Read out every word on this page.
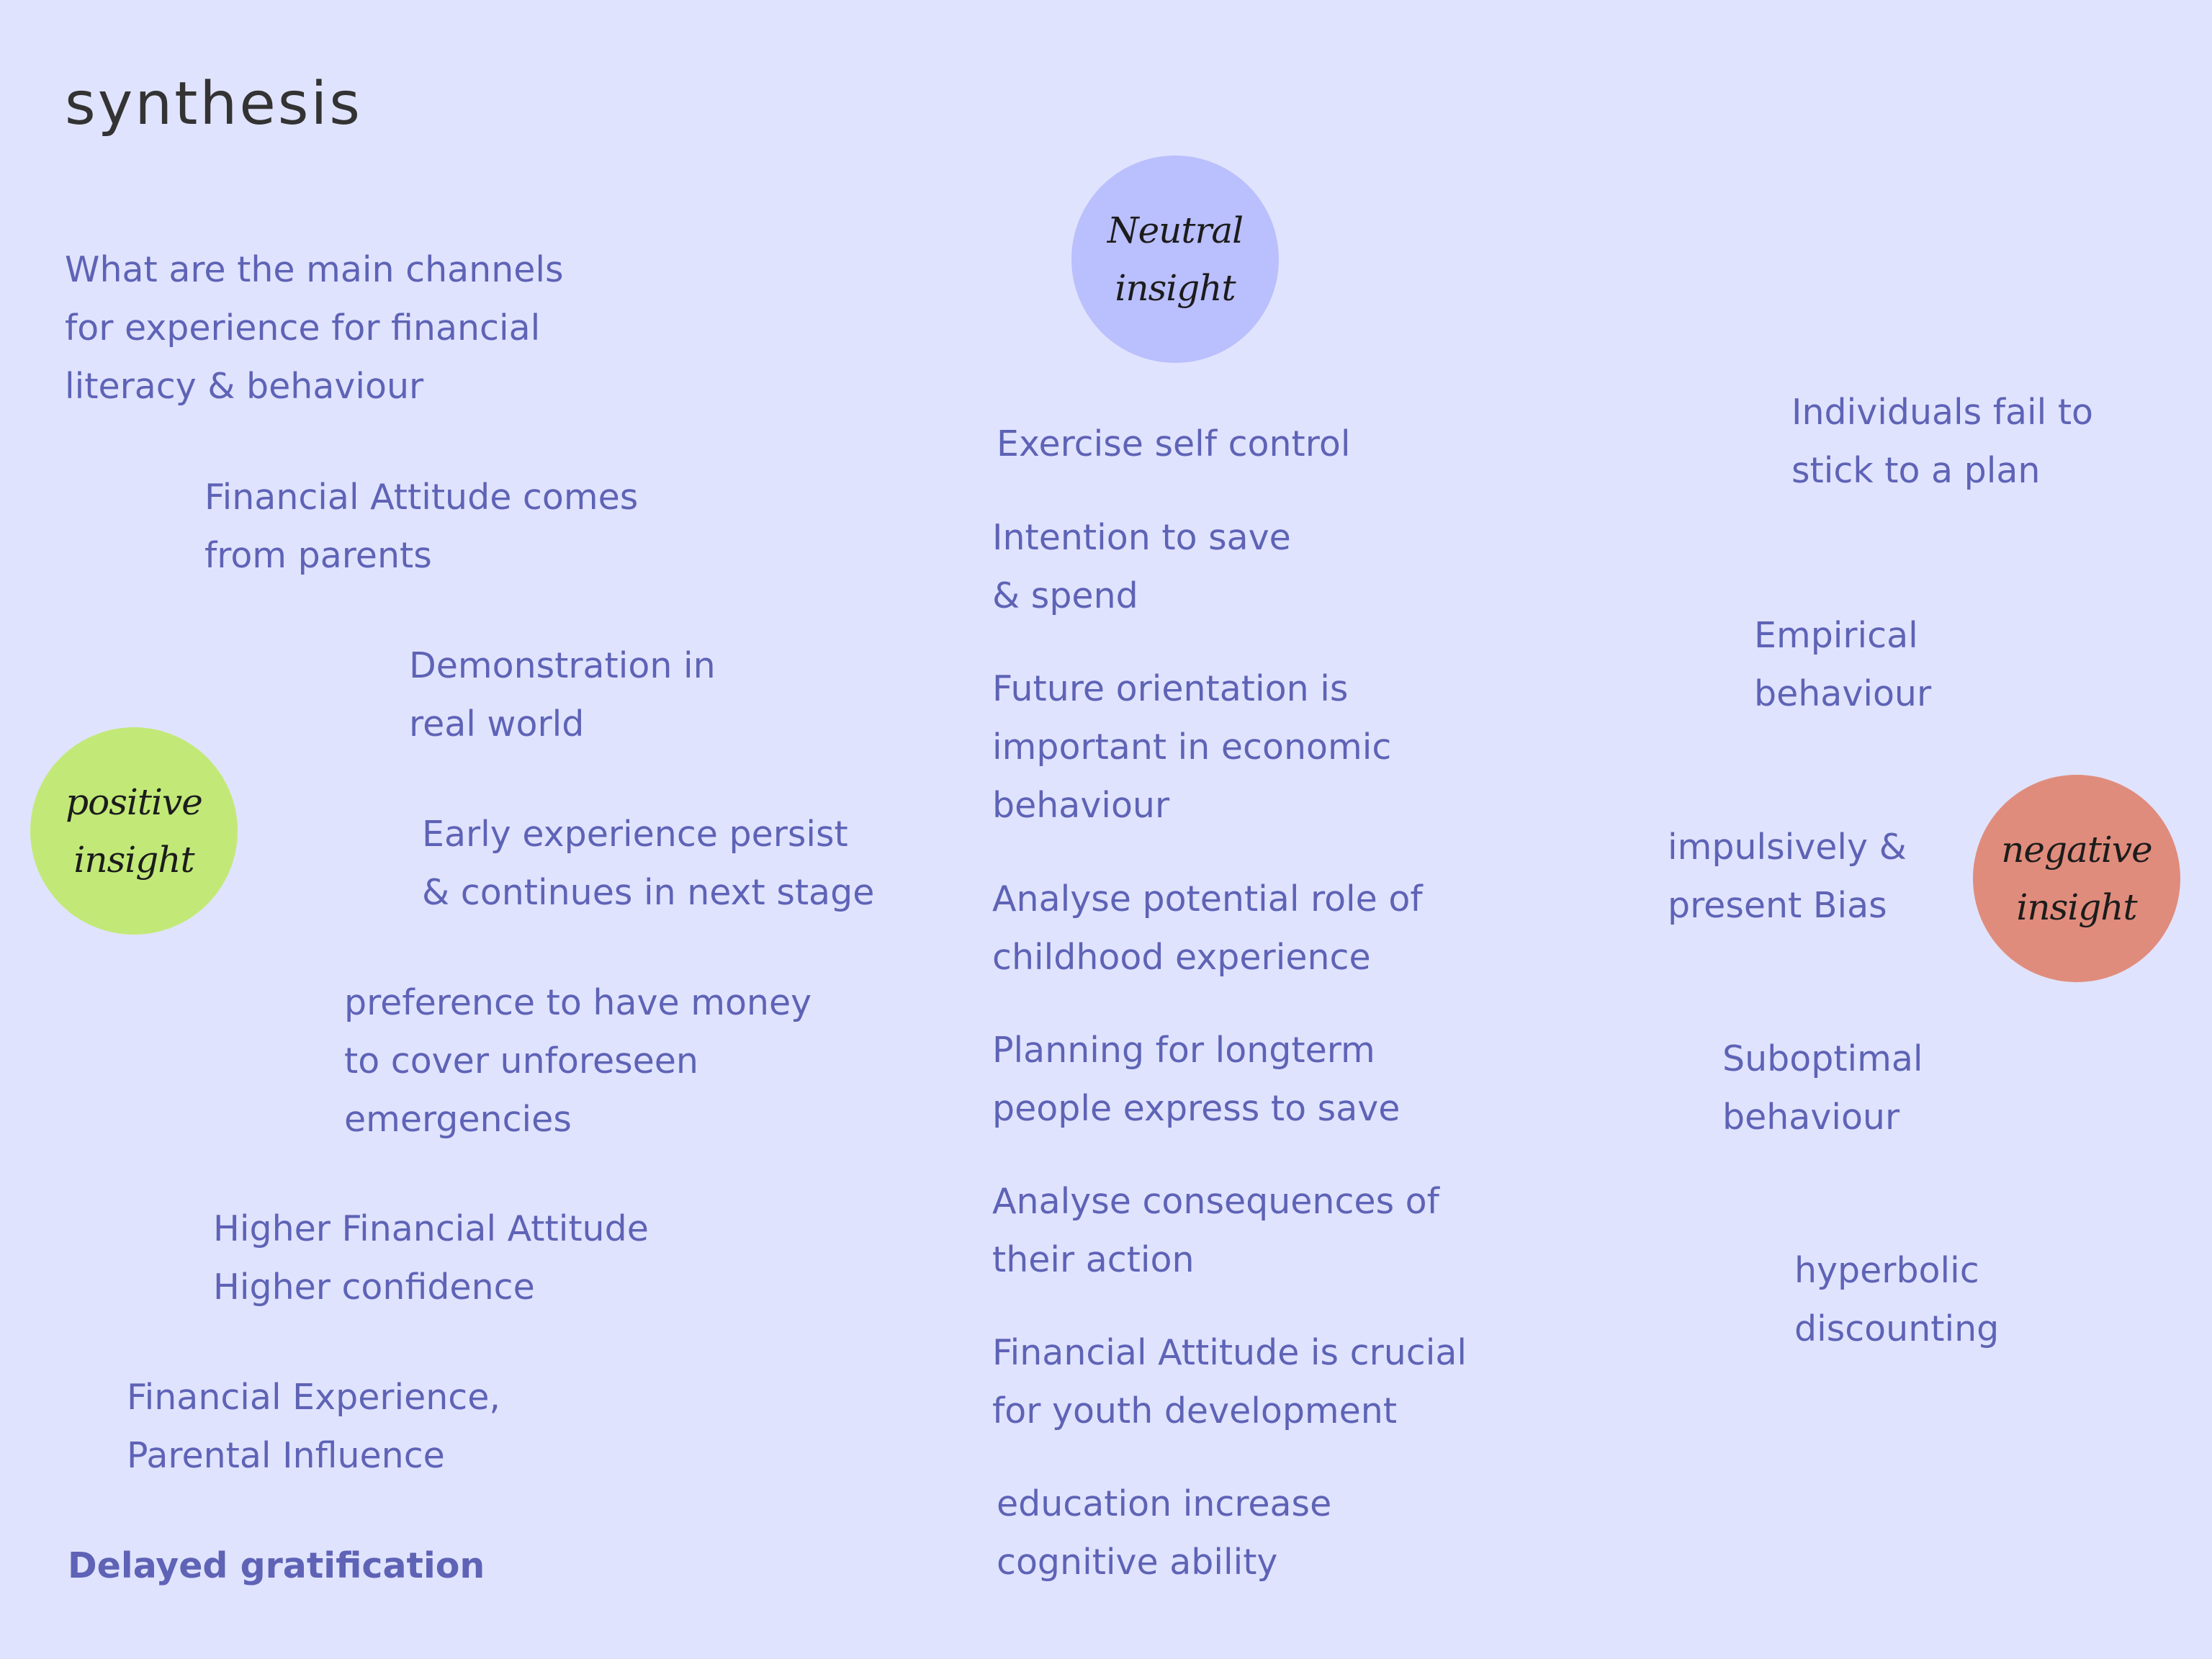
synthesis
Neutral
insight
positive
insight	negative
insight
What are the main channels
for experience for financial
literacy & behaviour
Financial Attitude comes
from parents
Demonstration in
real world
Early experience persist
& continues in next stage
preference to have money
to cover unforeseen
emergencies
Higher Financial Attitude
Higher confidence
Financial Experience,
Parental Influence
Delayed gratification
Exercise self control
Intention to save
& spend
Future orientation is
important in economic
behaviour
Analyse potential role of
childhood experience
Planning for longterm
people express to save
Analyse consequences of
their action
Financial Attitude is crucial
for youth development
education increase
cognitive ability
Individuals fail to
stick to a plan
Empirical
behaviour
impulsively &
present Bias
Suboptimal
behaviour
hyperbolic
discounting
